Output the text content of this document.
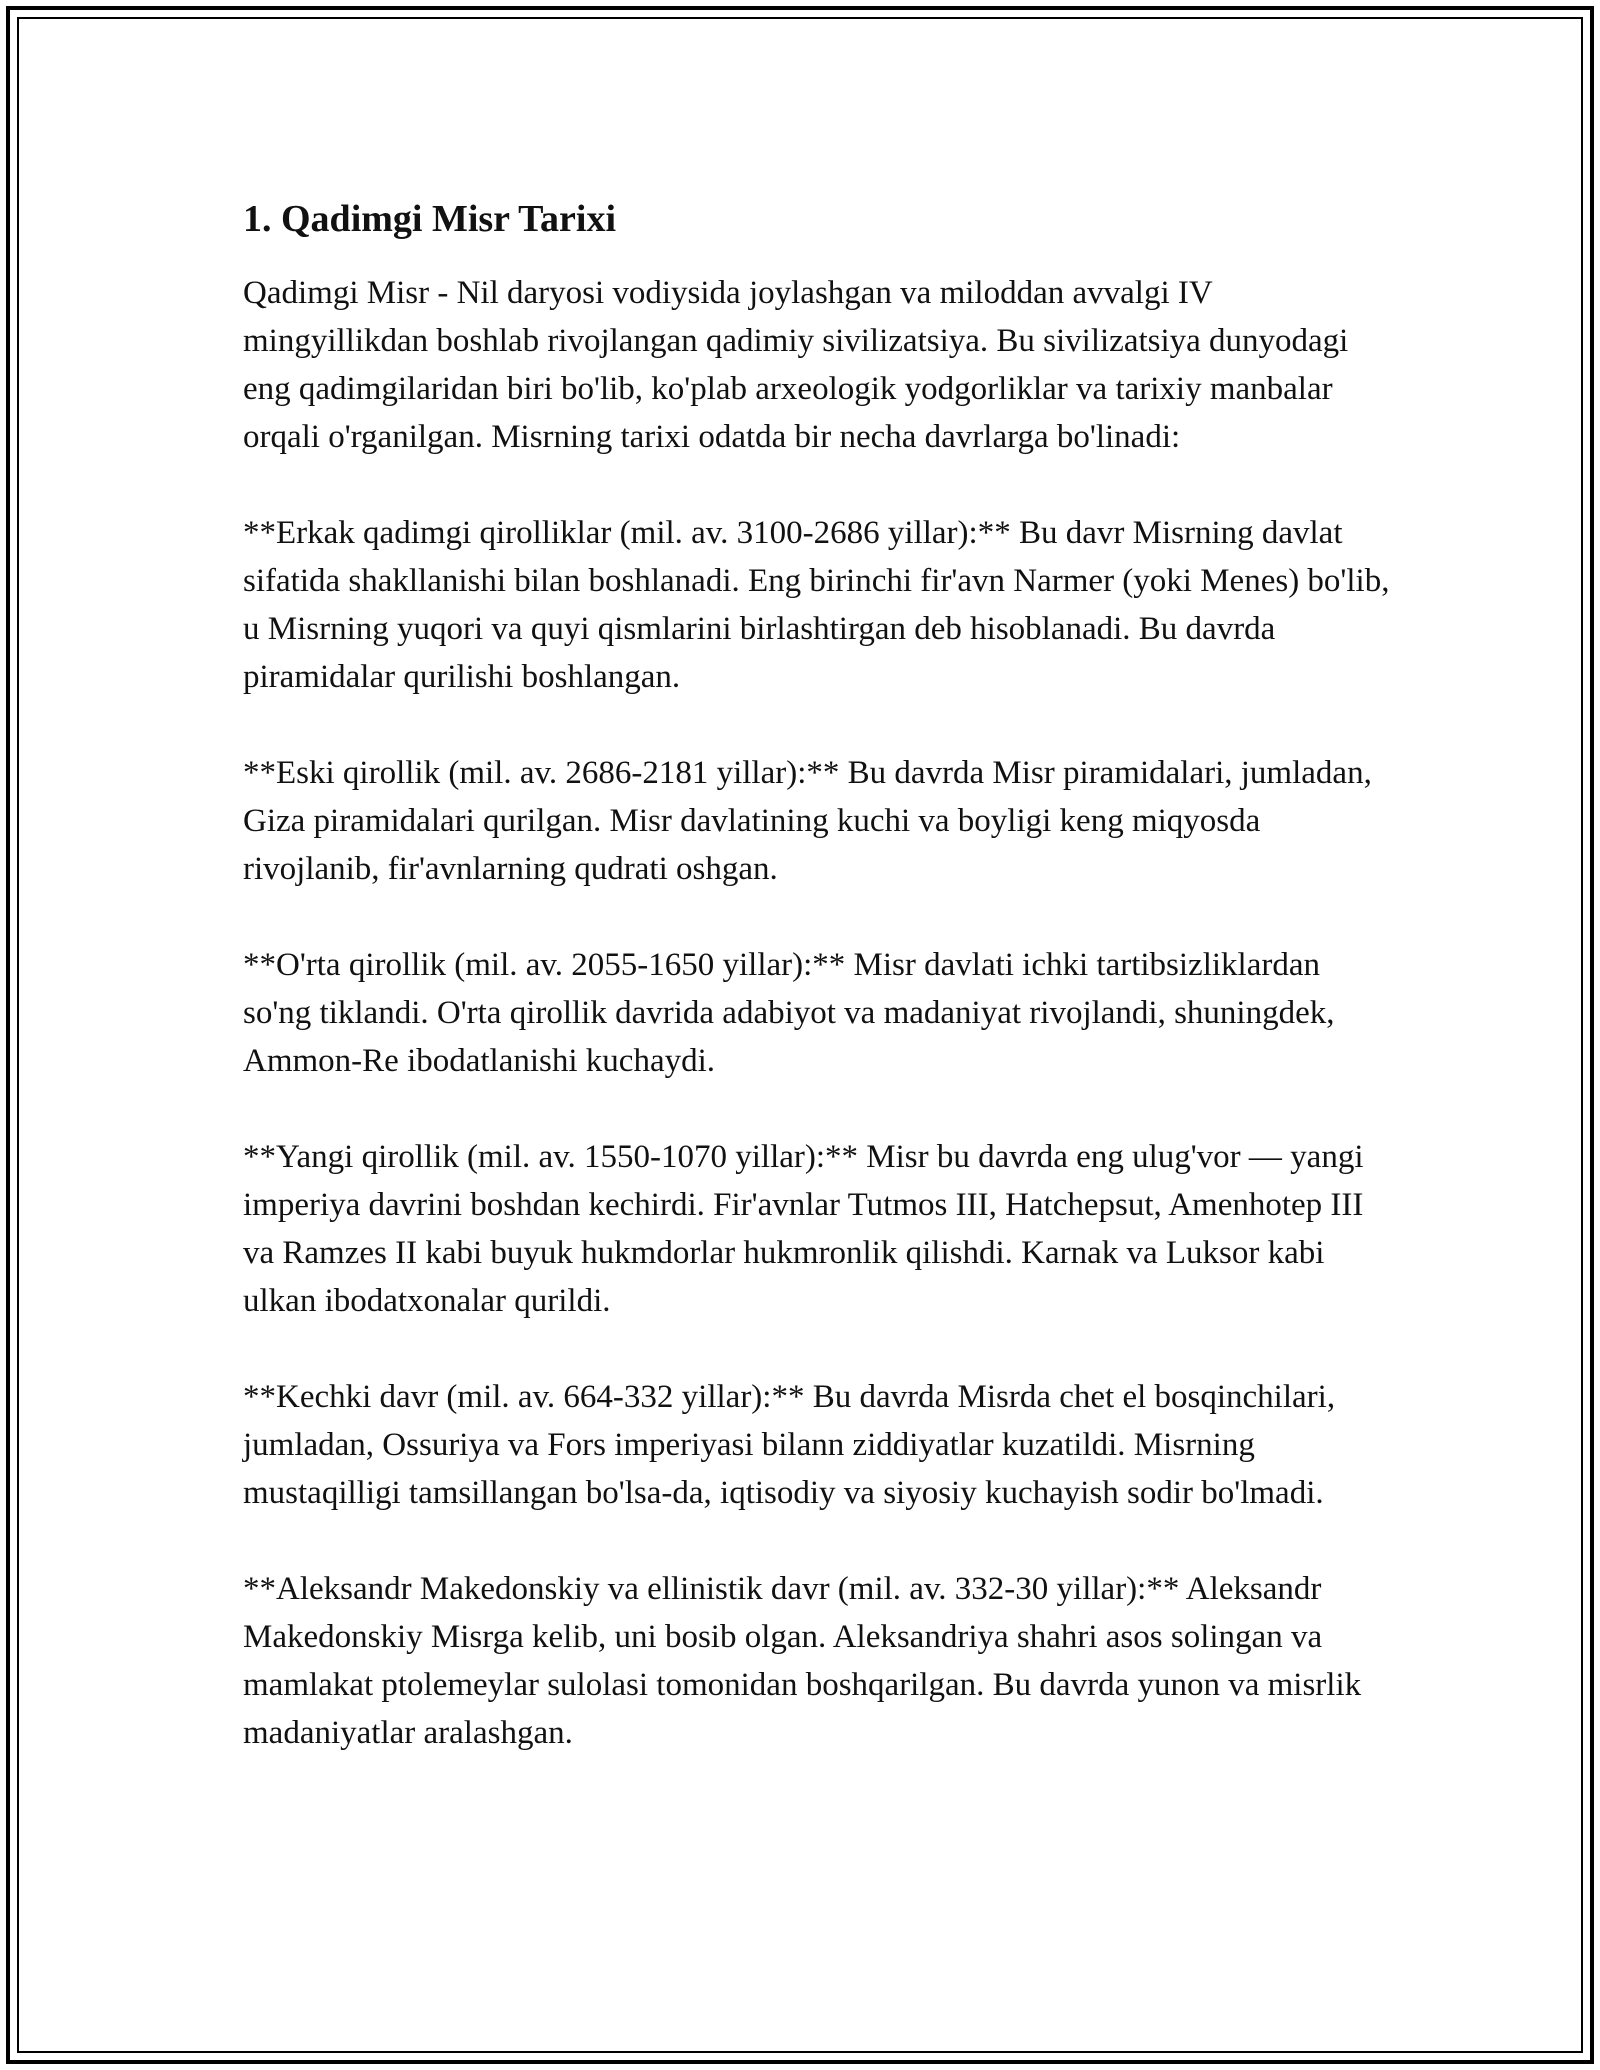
1. Qadimgi Misr Tarixi

Qadimgi Misr - Nil daryosi vodiysida joylashgan va miloddan avvalgi IV mingyillikdan boshlab rivojlangan qadimiy sivilizatsiya. Bu sivilizatsiya dunyodagi eng qadimgilaridan biri bo'lib, ko'plab arxeologik yodgorliklar va tarixiy manbalar orqali o'rganilgan. Misrning tarixi odatda bir necha davrlarga bo'linadi:

**Erkak qadimgi qirolliklar (mil. av. 3100-2686 yillar):** Bu davr Misrning davlat sifatida shakllanishi bilan boshlanadi. Eng birinchi fir'avn Narmer (yoki Menes) bo'lib, u Misrning yuqori va quyi qismlarini birlashtirgan deb hisoblanadi. Bu davrda piramidalar qurilishi boshlangan.

**Eski qirollik (mil. av. 2686-2181 yillar):** Bu davrda Misr piramidalari, jumladan, Giza piramidalari qurilgan. Misr davlatining kuchi va boyligi keng miqyosda rivojlanib, fir'avnlarning qudrati oshgan.

**O'rta qirollik (mil. av. 2055-1650 yillar):** Misr davlati ichki tartibsizliklardan so'ng tiklandi. O'rta qirollik davrida adabiyot va madaniyat rivojlandi, shuningdek, Ammon-Re ibodatlanishi kuchaydi.

**Yangi qirollik (mil. av. 1550-1070 yillar):** Misr bu davrda eng ulug'vor — yangi imperiya davrini boshdan kechirdi. Fir'avnlar Tutmos III, Hatchepsut, Amenhotep III va Ramzes II kabi buyuk hukmdorlar hukmronlik qilishdi. Karnak va Luksor kabi ulkan ibodatxonalar qurildi.

**Kechki davr (mil. av. 664-332 yillar):** Bu davrda Misrda chet el bosqinchilari, jumladan, Ossuriya va Fors imperiyasi bilann ziddiyatlar kuzatildi. Misrning mustaqilligi tamsillangan bo'lsa-da, iqtisodiy va siyosiy kuchayish sodir bo'lmadi.

**Aleksandr Makedonskiy va ellinistik davr (mil. av. 332-30 yillar):** Aleksandr Makedonskiy Misrga kelib, uni bosib olgan. Aleksandriya shahri asos solingan va mamlakat ptolemeylar sulolasi tomonidan boshqarilgan. Bu davrda yunon va misrlik madaniyatlar aralashgan.
